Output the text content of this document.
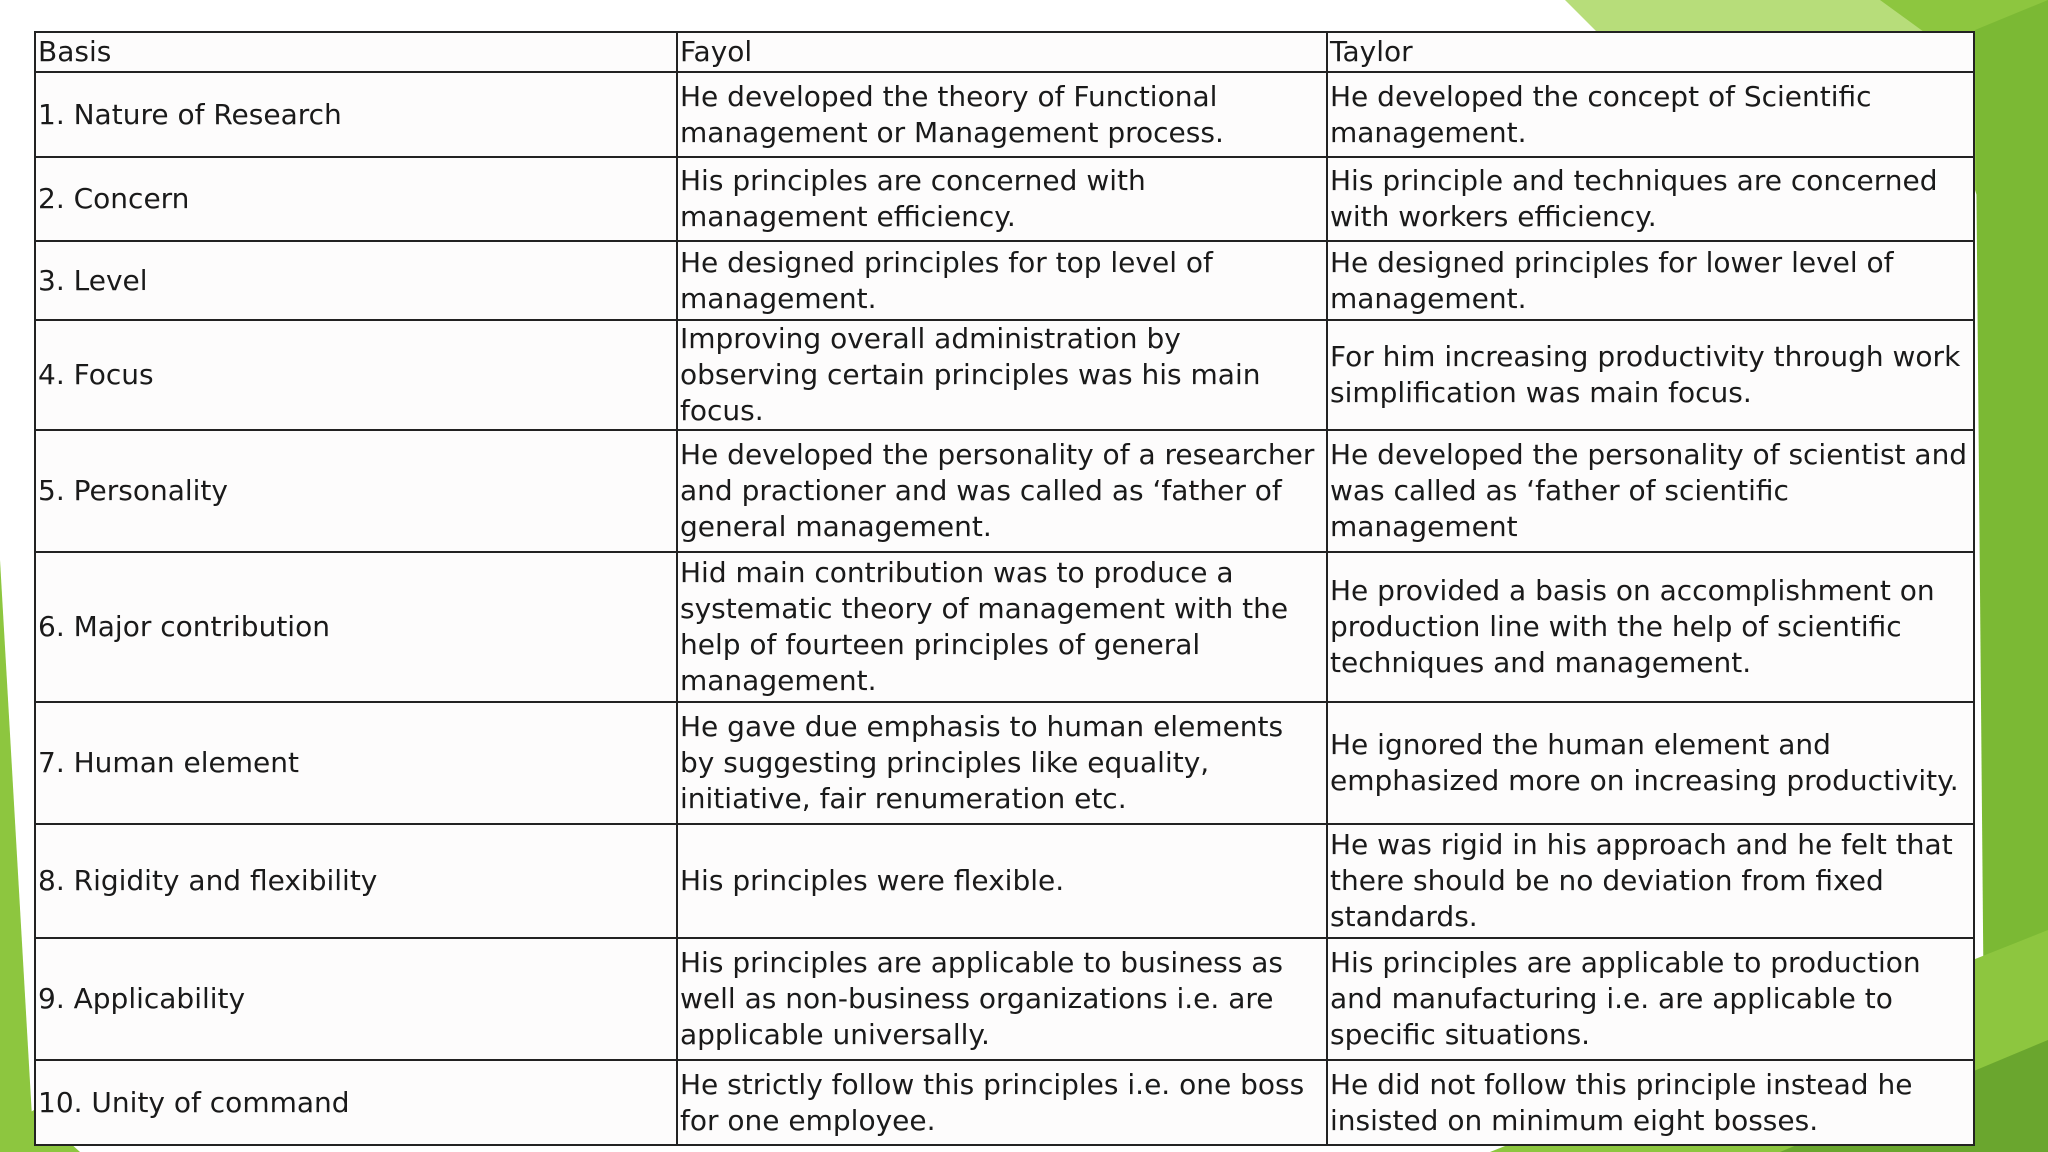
Basis	Fayol	Taylor
1. Nature of Research	He developed the theory of Functional management or Management process.	He developed the concept of Scientific management.
2. Concern	His principles are concerned with management efficiency.	His principle and techniques are concerned with workers efficiency.
3. Level	He designed principles for top level of management.	He designed principles for lower level of management.
4. Focus	Improving overall administration by observing certain principles was his main focus.	For him increasing productivity through work simplification was main focus.
5. Personality	He developed the personality of a researcher and practioner and was called as ‘father of general management.	He developed the personality of scientist and was called as ‘father of scientific management
6. Major contribution	Hid main contribution was to produce a systematic theory of management with the help of fourteen principles of general management.	He provided a basis on accomplishment on production line with the help of scientific techniques and management.
7. Human element	He gave due emphasis to human elements by suggesting principles like equality, initiative, fair renumeration etc.	He ignored the human element and emphasized more on increasing productivity.
8. Rigidity and flexibility	His principles were flexible.	He was rigid in his approach and he felt that there should be no deviation from fixed standards.
9. Applicability	His principles are applicable to business as well as non-business organizations i.e. are applicable universally.	His principles are applicable to production and manufacturing i.e. are applicable to specific situations.
10. Unity of command	He strictly follow this principles i.e. one boss for one employee.	He did not follow this principle instead he insisted on minimum eight bosses.
